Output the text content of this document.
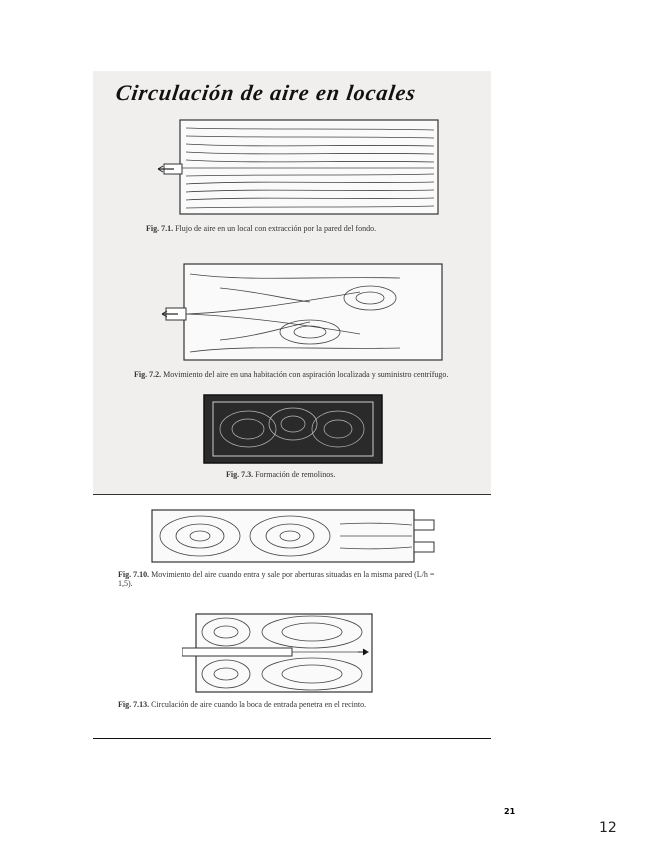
Circulación de aire en locales
Fig. 7.1. Flujo de aire en un local con extracción por la pared del fondo.
Fig. 7.2. Movimiento del aire en una habitación con aspiración localizada y suministro centrífugo.
Fig. 7.3. Formación de remolinos.
Fig. 7.10. Movimiento del aire cuando entra y sale por aberturas situadas en la misma pared (L/h = 1,5).
Fig. 7.13. Circulación de aire cuando la boca de entrada penetra en el recinto.
21
12
